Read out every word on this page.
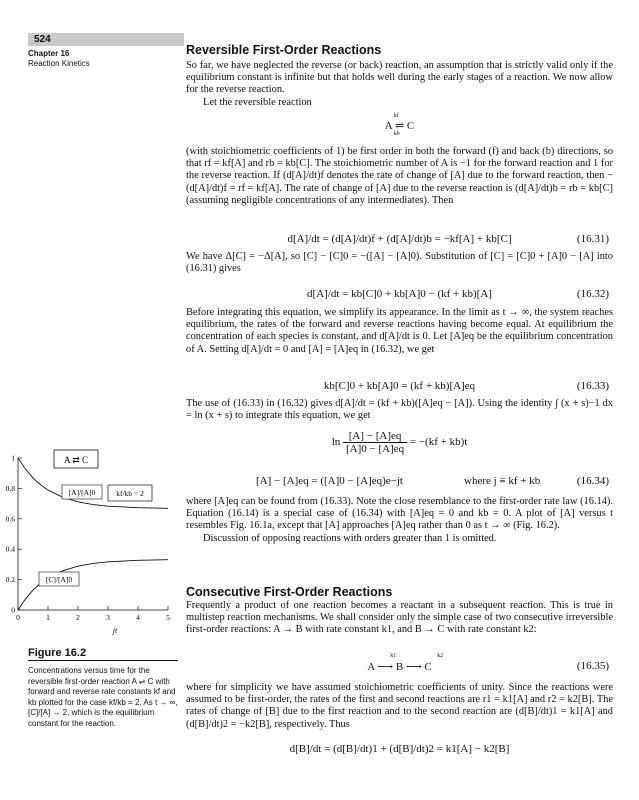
524
Chapter 16
Reaction Kinetics
Reversible First-Order Reactions

So far, we have neglected the reverse (or back) reaction, an assumption that is strictly valid only if the equilibrium constant is infinite but that holds well during the early stages of a reaction. We now allow for the reverse reaction.

Let the reversible reaction

kf
A ⇌ C
kb

(with stoichiometric coefficients of 1) be first order in both the forward (f) and back (b) directions, so that rf = kf[A] and rb = kb[C]. The stoichiometric number of A is −1 for the forward reaction and 1 for the reverse reaction. If (d[A]/dt)f denotes the rate of change of [A] due to the forward reaction, then −(d[A]/dt)f = rf = kf[A]. The rate of change of [A] due to the reverse reaction is (d[A]/dt)b = rb = kb[C] (assuming negligible concentrations of any intermediates). Then

d[A]/dt = (d[A]/dt)f + (d[A]/dt)b = −kf[A] + kb[C]	(16.31)

We have Δ[C] = −Δ[A], so [C] − [C]0 = −([A] − [A]0). Substitution of [C] = [C]0 + [A]0 − [A] into (16.31) gives

d[A]/dt = kb[C]0 + kb[A]0 − (kf + kb)[A]	(16.32)

Before integrating this equation, we simplify its appearance. In the limit as t → ∞, the system reaches equilibrium, the rates of the forward and reverse reactions having become equal. At equilibrium the concentration of each species is constant, and d[A]/dt is 0. Let [A]eq be the equilibrium concentration of A. Setting d[A]/dt = 0 and [A] = [A]eq in (16.32), we get

kb[C]0 + kb[A]0 = (kf + kb)[A]eq	(16.33)

The use of (16.33) in (16.32) gives d[A]/dt = (kf + kb)([A]eq − [A]). Using the identity ∫ (x + s)−1 dx = ln (x + s) to integrate this equation, we get

$\ln \frac{[A] - [A]eq}{[A]0 - [A]eq} = -(kf + kb)t$
[A] − [A]eq = ([A]0 − [A]eq)e−jt	where j ≡ kf + kb	(16.34)

where [A]eq can be found from (16.33). Note the close resemblance to the first-order rate law (16.14). Equation (16.14) is a special case of (16.34) with [A]eq = 0 and kb = 0. A plot of [A] versus t resembles Fig. 16.1a, except that [A] approaches [A]eq rather than 0 as t → ∞ (Fig. 16.2).

Discussion of opposing reactions with orders greater than 1 is omitted.

Consecutive First-Order Reactions

Frequently a product of one reaction becomes a reactant in a subsequent reaction. This is true in multistep reaction mechanisms. We shall consider only the simple case of two consecutive irreversible first-order reactions: A → B with rate constant k1, and B → C with rate constant k2:

k1	k2
A ⟶ B ⟶ C	(16.35)

where for simplicity we have assumed stoichiometric coefficients of unity. Since the reactions were assumed to be first-order, the rates of the first and second reactions are r1 = k1[A] and r2 = k2[B]. The rates of change of [B] due to the first reaction and to the second reaction are (d[B]/dt)1 = k1[A] and (d[B]/dt)2 = −k2[B], respectively. Thus

d[B]/dt = (d[B]/dt)1 + (d[B]/dt)2 = k1[A] − k2[B]
0	1	2	3	4	5
0
0.2
0.4
0.6
0.8
1	A ⇄ C
kf/kb = 2
[A]/[A]0
[C]/[A]0
jt
Figure 16.2
Concentrations versus time for the reversible first-order reaction A ⇌ C with forward and reverse rate constants kf and kb plotted for the case kf/kb = 2. As t → ∞, [C]/[A] → 2, which is the equilibrium constant for the reaction.
